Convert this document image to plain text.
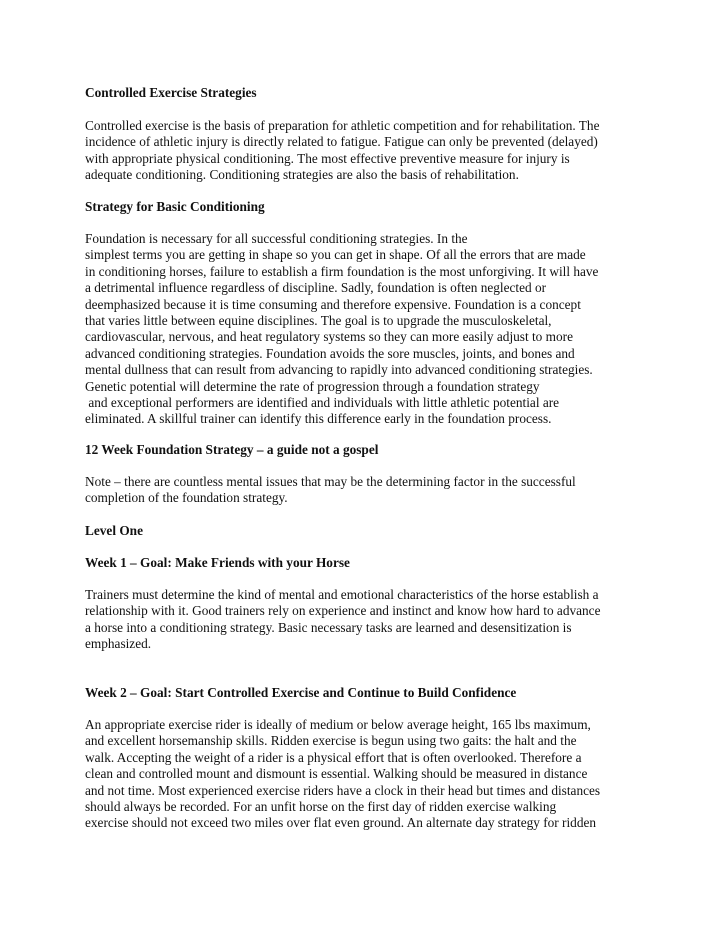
Controlled Exercise Strategies
Controlled exercise is the basis of preparation for athletic competition and for rehabilitation. The
incidence of athletic injury is directly related to fatigue. Fatigue can only be prevented (delayed)
with appropriate physical conditioning. The most effective preventive measure for injury is
adequate conditioning. Conditioning strategies are also the basis of rehabilitation.
Strategy for Basic Conditioning
Foundation is necessary for all successful conditioning strategies. In the
simplest terms you are getting in shape so you can get in shape. Of all the errors that are made
in conditioning horses, failure to establish a firm foundation is the most unforgiving. It will have
a detrimental influence regardless of discipline. Sadly, foundation is often neglected or
deemphasized because it is time consuming and therefore expensive. Foundation is a concept
that varies little between equine disciplines. The goal is to upgrade the musculoskeletal,
cardiovascular, nervous, and heat regulatory systems so they can more easily adjust to more
advanced conditioning strategies. Foundation avoids the sore muscles, joints, and bones and
mental dullness that can result from advancing to rapidly into advanced conditioning strategies.
Genetic potential will determine the rate of progression through a foundation strategy
and exceptional performers are identified and individuals with little athletic potential are
eliminated. A skillful trainer can identify this difference early in the foundation process.
12 Week Foundation Strategy – a guide not a gospel
Note – there are countless mental issues that may be the determining factor in the successful
completion of the foundation strategy.
Level One
Week 1 – Goal: Make Friends with your Horse
Trainers must determine the kind of mental and emotional characteristics of the horse establish a
relationship with it. Good trainers rely on experience and instinct and know how hard to advance
a horse into a conditioning strategy. Basic necessary tasks are learned and desensitization is
emphasized.
Week 2 – Goal: Start Controlled Exercise and Continue to Build Confidence
An appropriate exercise rider is ideally of medium or below average height, 165 lbs maximum,
and excellent horsemanship skills. Ridden exercise is begun using two gaits: the halt and the
walk. Accepting the weight of a rider is a physical effort that is often overlooked. Therefore a
clean and controlled mount and dismount is essential. Walking should be measured in distance
and not time. Most experienced exercise riders have a clock in their head but times and distances
should always be recorded. For an unfit horse on the first day of ridden exercise walking
exercise should not exceed two miles over flat even ground. An alternate day strategy for ridden
